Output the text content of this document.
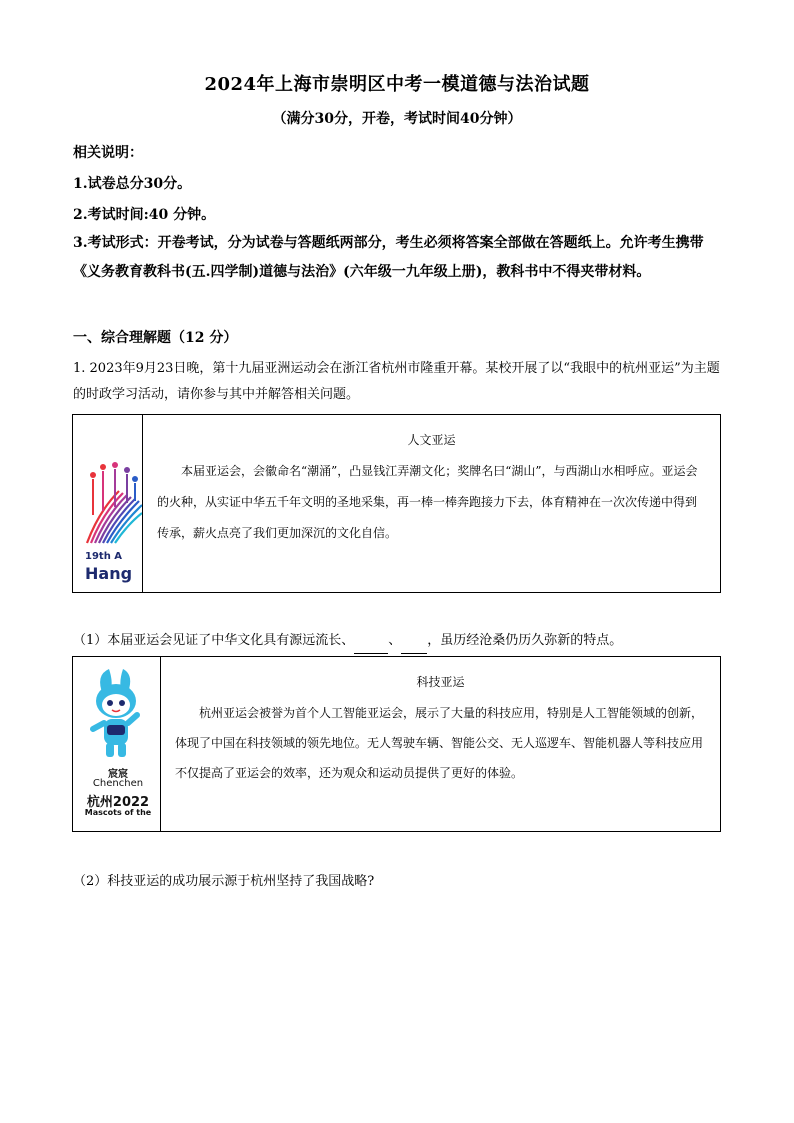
2024年上海市崇明区中考一模道德与法治试题
（满分30分，开卷，考试时间40分钟）
相关说明：
1.试卷总分30分。
2.考试时间:40 分钟。
3.考试形式：开卷考试，分为试卷与答题纸两部分，考生必须将答案全部做在答题纸上。允许考生携带《义务教育教科书(五.四学制)道德与法治》(六年级一九年级上册)，教科书中不得夹带材料。
一、综合理解题（12 分）
1. 2023年9月23日晚，第十九届亚洲运动会在浙江省杭州市隆重开幕。某校开展了以“我眼中的杭州亚运”为主题的时政学习活动，请你参与其中并解答相关问题。
19th A
Hang
人文亚运
本届亚运会，会徽命名“潮涌”，凸显钱江弄潮文化；奖牌名曰“湖山”，与西湖山水相呼应。亚运会的火种，从实证中华五千年文明的圣地采集，再一棒一棒奔跑接力下去，体育精神在一次次传递中得到传承，薪火点亮了我们更加深沉的文化自信。
（1）本届亚运会见证了中华文化具有源远流长、	、 ，虽历经沧桑仍历久弥新的特点。
宸宸
Chenchen
杭州2022
Mascots of the
科技亚运
杭州亚运会被誉为首个人工智能亚运会，展示了大量的科技应用，特别是人工智能领域的创新，体现了中国在科技领域的领先地位。无人驾驶车辆、智能公交、无人巡逻车、智能机器人等科技应用不仅提高了亚运会的效率，还为观众和运动员提供了更好的体验。
（2）科技亚运的成功展示源于杭州坚持了我国战略?
